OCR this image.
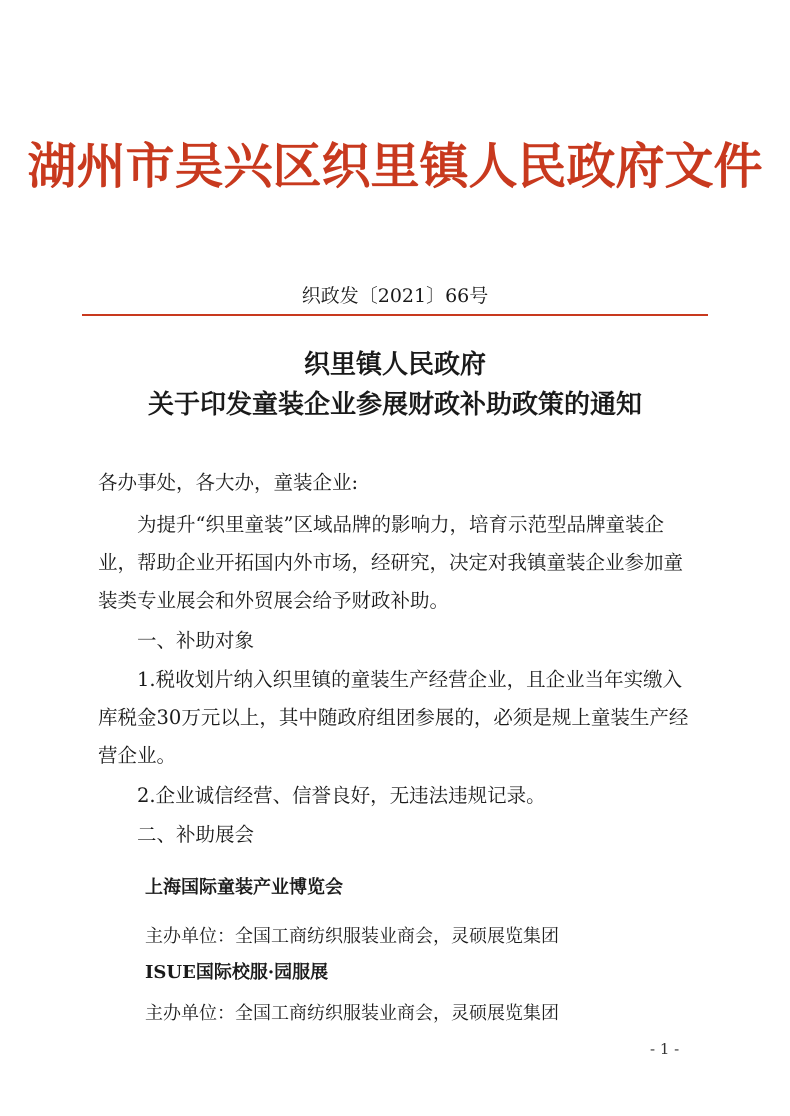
湖州市吴兴区织里镇人民政府文件
织政发〔2021〕66号
织里镇人民政府
关于印发童装企业参展财政补助政策的通知
各办事处，各大办，童装企业:
为提升“织里童装”区域品牌的影响力，培育示范型品牌童装企业，帮助企业开拓国内外市场，经研究，决定对我镇童装企业参加童装类专业展会和外贸展会给予财政补助。
一、补助对象
1.税收划片纳入织里镇的童装生产经营企业，且企业当年实缴入库税金30万元以上，其中随政府组团参展的，必须是规上童装生产经营企业。
2.企业诚信经营、信誉良好，无违法违规记录。
二、补助展会
上海国际童装产业博览会
主办单位：全国工商纺织服装业商会，灵硕展览集团
ISUE国际校服·园服展
主办单位：全国工商纺织服装业商会，灵硕展览集团
- 1 -
